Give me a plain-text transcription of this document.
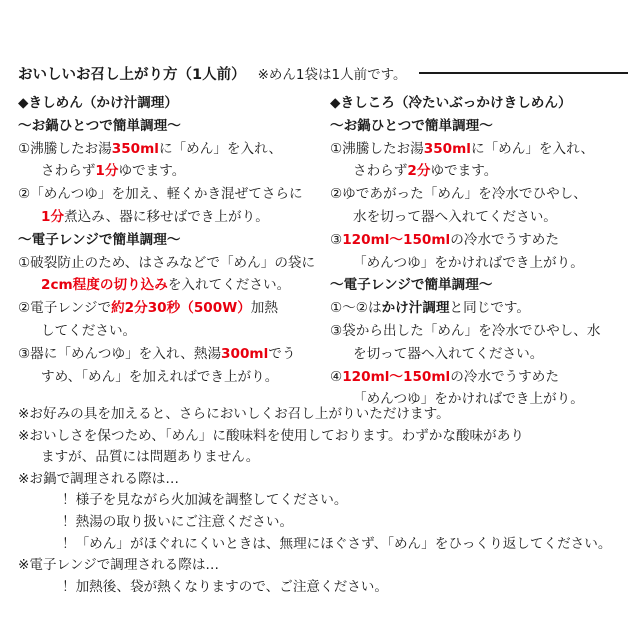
おいしいお召し上がり方（1人前） ※めん1袋は1人前です。
◆きしめん（かけ汁調理）
〜お鍋ひとつで簡単調理〜
①沸騰したお湯350mlに「めん」を入れ、
さわらず1分ゆでます。
②「めんつゆ」を加え、軽くかき混ぜてさらに
1分煮込み、器に移せばでき上がり。
〜電子レンジで簡単調理〜
①破裂防止のため、はさみなどで「めん」の袋に
2cm程度の切り込みを入れてください。
②電子レンジで約2分30秒（500W）加熱
してください。
③器に「めんつゆ」を入れ、熱湯300mlでう
すめ、「めん」を加えればでき上がり。
◆きしころ（冷たいぶっかけきしめん）
〜お鍋ひとつで簡単調理〜
①沸騰したお湯350mlに「めん」を入れ、
さわらず2分ゆでます。
②ゆであがった「めん」を冷水でひやし、
水を切って器へ入れてください。
③120ml〜150mlの冷水でうすめた
「めんつゆ」をかければでき上がり。
〜電子レンジで簡単調理〜
①〜②はかけ汁調理と同じです。
③袋から出した「めん」を冷水でひやし、水
を切って器へ入れてください。
④120ml〜150mlの冷水でうすめた
「めんつゆ」をかければでき上がり。
※お好みの具を加えると、さらにおいしくお召し上がりいただけます。
※おいしさを保つため、「めん」に酸味料を使用しております。わずかな酸味があり
ますが、品質には問題ありません。
※お鍋で調理される際は…
！様子を見ながら火加減を調整してください。
！熱湯の取り扱いにご注意ください。
！「めん」がほぐれにくいときは、無理にほぐさず、「めん」をひっくり返してください。
※電子レンジで調理される際は…
！加熱後、袋が熱くなりますので、ご注意ください。
